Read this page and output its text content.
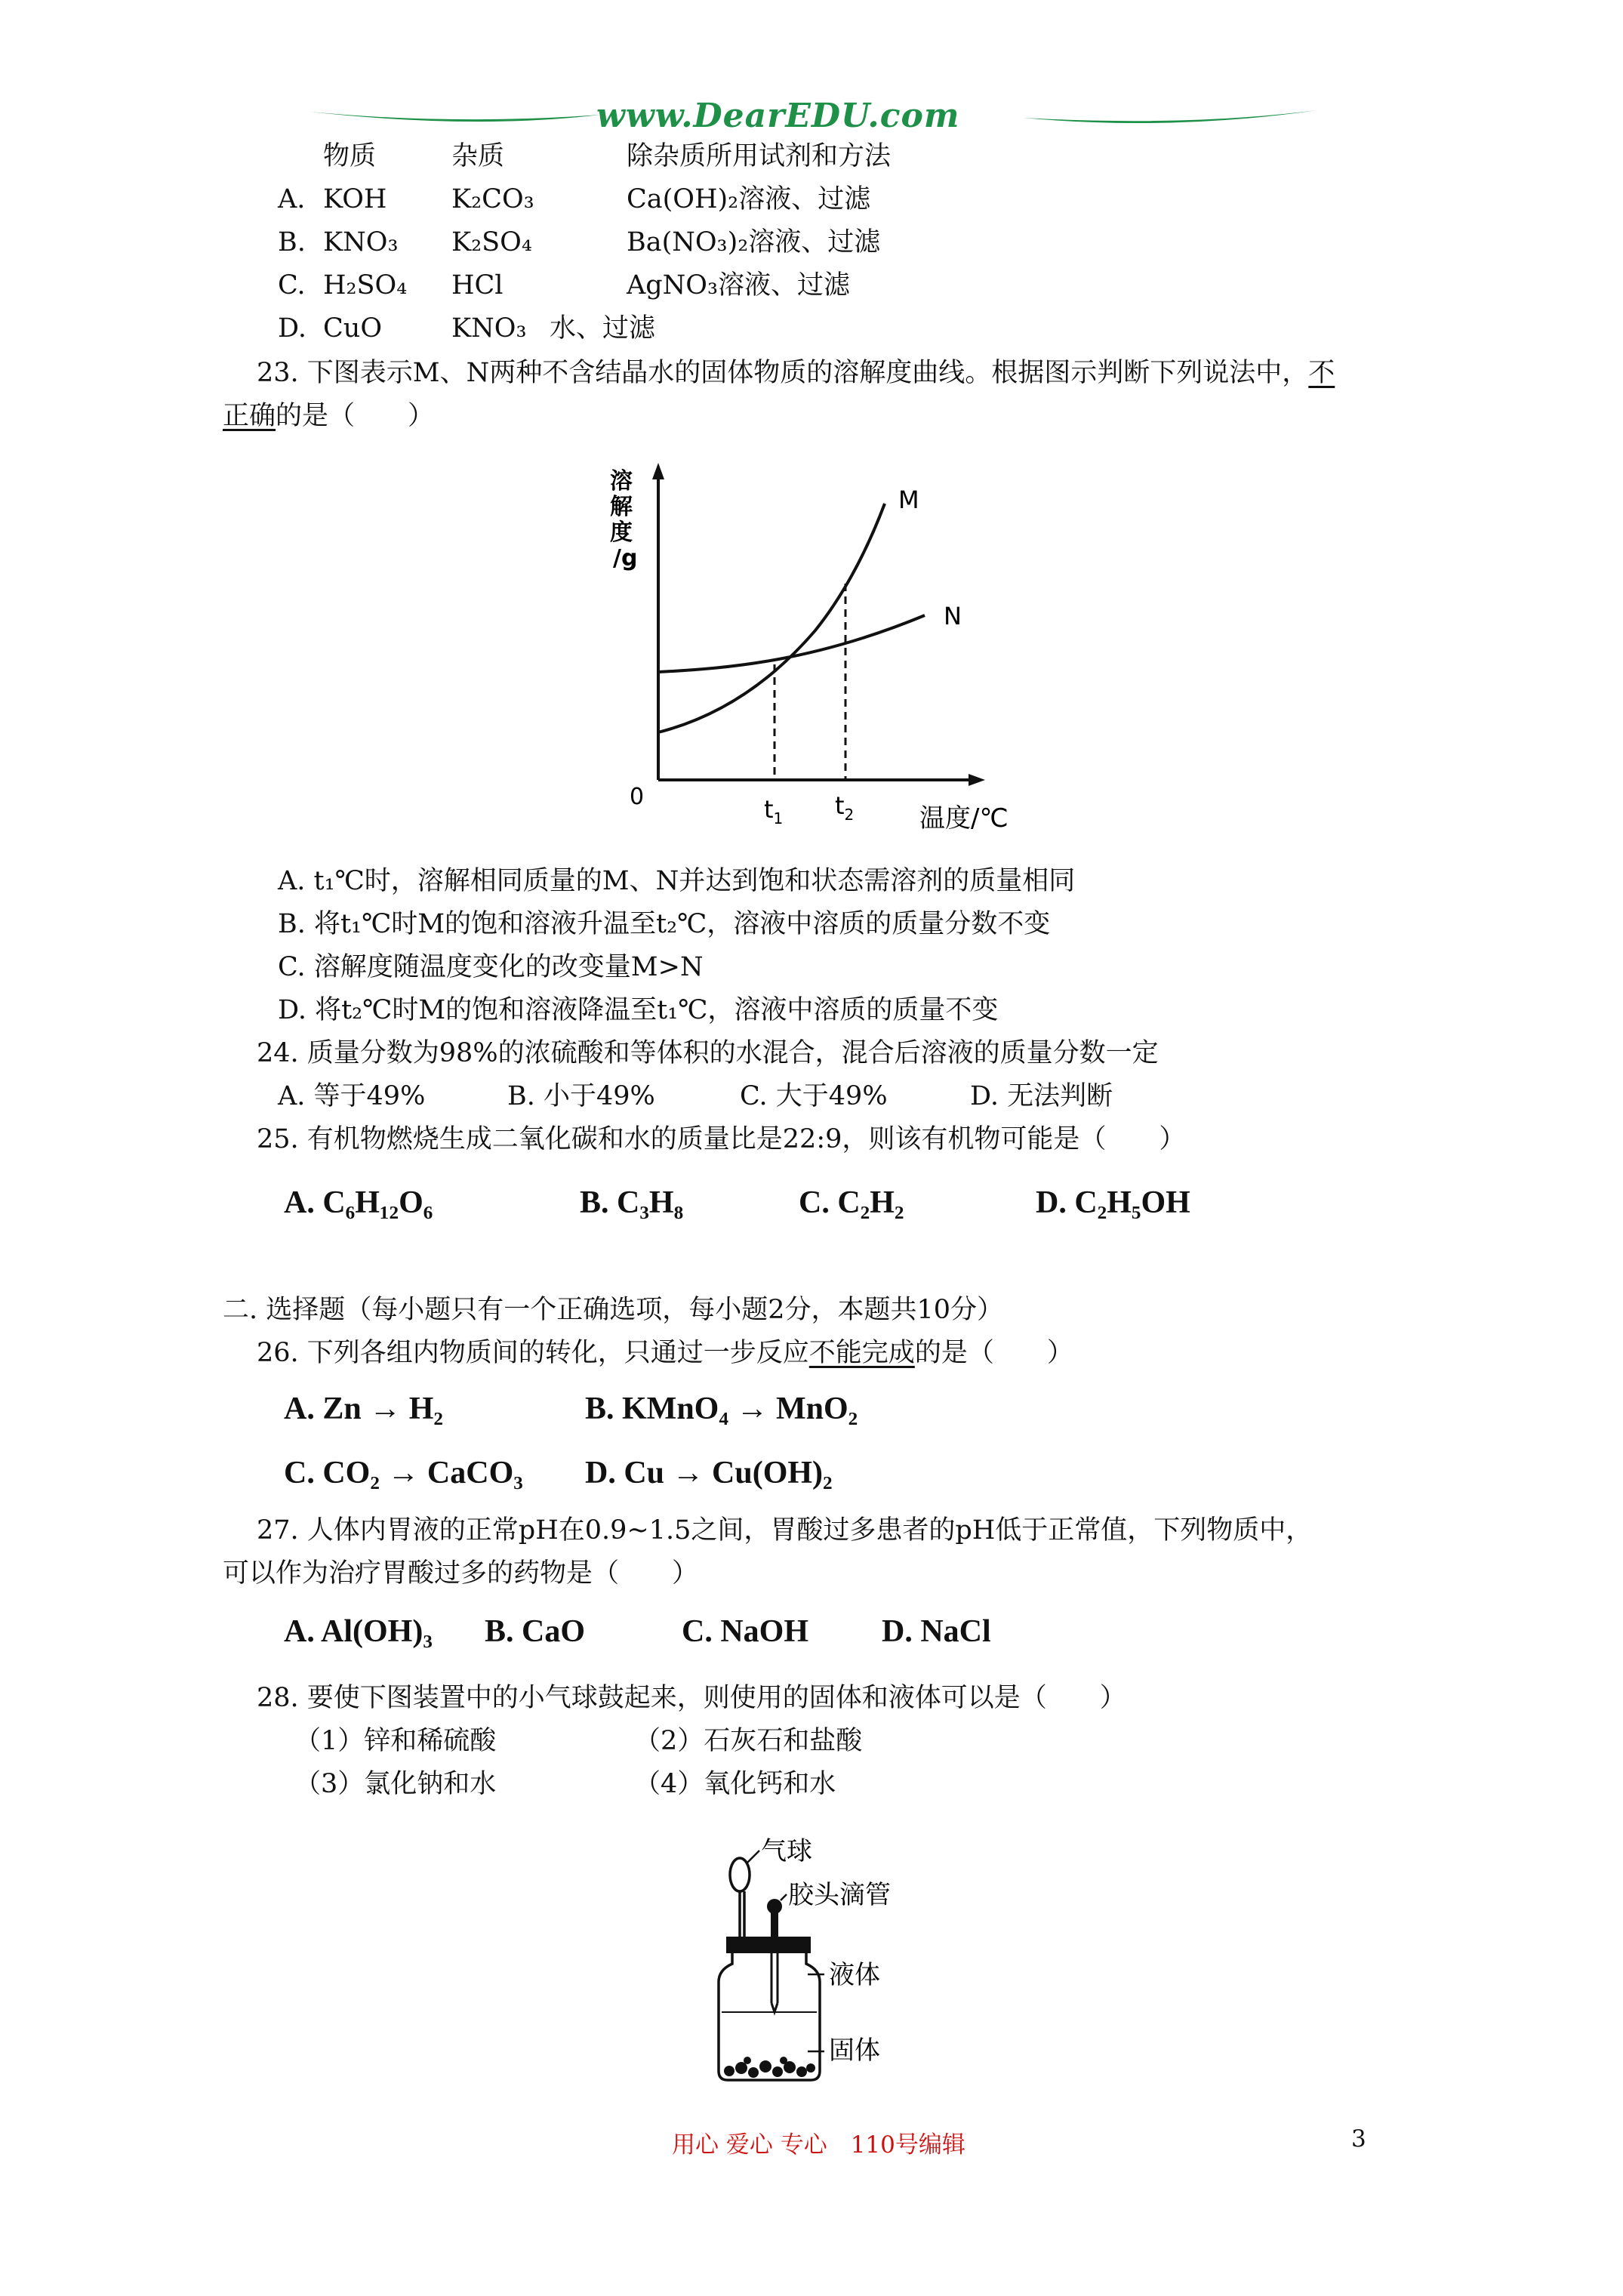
www.DearEDU.com
物质	杂质	除杂质所用试剂和方法
A. KOH K₂CO₃	Ca(OH)₂溶液、过滤
B. KNO₃ K₂SO₄	Ba(NO₃)₂溶液、过滤
C. H₂SO₄ HCl	AgNO₃溶液、过滤
D. CuO	KNO₃ 水、过滤
23. 下图表示M、N两种不含结晶水的固体物质的溶解度曲线。根据图示判断下列说法中，不
正确的是（　　）
溶
解
度
/g
0	$t_1$ $t_2$	温度/℃
M
N
A. t₁℃时，溶解相同质量的M、N并达到饱和状态需溶剂的质量相同
B. 将t₁℃时M的饱和溶液升温至t₂℃，溶液中溶质的质量分数不变
C. 溶解度随温度变化的改变量M>N
D. 将t₂℃时M的饱和溶液降温至t₁℃，溶液中溶质的质量不变
24. 质量分数为98%的浓硫酸和等体积的水混合，混合后溶液的质量分数一定
A. 等于49%	B. 小于49%	C. 大于49%	D. 无法判断
25. 有机物燃烧生成二氧化碳和水的质量比是22:9，则该有机物可能是（　　）
A. C₆H₁₂O₆	B. C₃H₈	C. C₂H₂	D. C₂H₅OH
二. 选择题（每小题只有一个正确选项，每小题2分，本题共10分）
26. 下列各组内物质间的转化，只通过一步反应不能完成的是（　　）
A. Zn → H₂	B. KMnO₄ → MnO₂
C. CO₂ → CaCO₃ D. Cu → Cu(OH)₂
27. 人体内胃液的正常pH在0.9~1.5之间，胃酸过多患者的pH低于正常值，下列物质中，
可以作为治疗胃酸过多的药物是（　　）
A. Al(OH)₃ B. CaO	C. NaOH D. NaCl
28. 要使下图装置中的小气球鼓起来，则使用的固体和液体可以是（　　）
（1）锌和稀硫酸	（2）石灰石和盐酸
（3）氯化钠和水	（4）氧化钙和水
气球
胶头滴管
液体
固体
用心 爱心 专心　110号编辑	3
